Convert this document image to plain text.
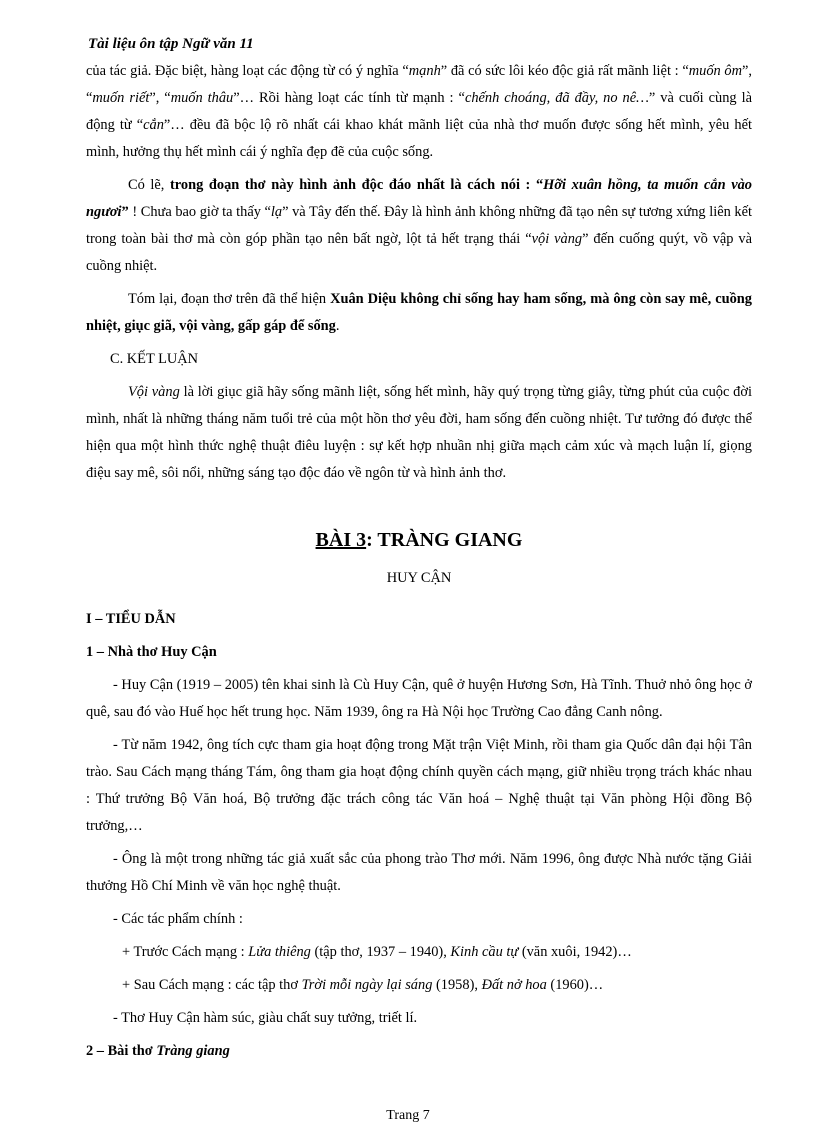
Tài liệu ôn tập Ngữ văn 11

của tác giả. Đặc biệt, hàng loạt các động từ có ý nghĩa “mạnh” đã có sức lôi kéo độc giả rất mãnh liệt : “muốn ôm”, “muốn riết”, “muốn thâu”… Rồi hàng loạt các tính từ mạnh : “chếnh choáng, đã đầy, no nê…” và cuối cùng là động từ “cắn”… đều đã bộc lộ rõ nhất cái khao khát mãnh liệt của nhà thơ muốn được sống hết mình, yêu hết mình, hưởng thụ hết mình cái ý nghĩa đẹp đẽ của cuộc sống.

Có lẽ, trong đoạn thơ này hình ảnh độc đáo nhất là cách nói : “Hỡi xuân hồng, ta muốn cắn vào ngươi” ! Chưa bao giờ ta thấy “lạ” và Tây đến thế. Đây là hình ảnh không những đã tạo nên sự tương xứng liên kết trong toàn bài thơ mà còn góp phần tạo nên bất ngờ, lột tả hết trạng thái “vội vàng” đến cuống quýt, vồ vập và cuồng nhiệt.

Tóm lại, đoạn thơ trên đã thể hiện Xuân Diệu không chỉ sống hay ham sống, mà ông còn say mê, cuồng nhiệt, giục giã, vội vàng, gấp gáp để sống.

C. KẾT LUẬN

Vội vàng là lời giục giã hãy sống mãnh liệt, sống hết mình, hãy quý trọng từng giây, từng phút của cuộc đời mình, nhất là những tháng năm tuổi trẻ của một hồn thơ yêu đời, ham sống đến cuồng nhiệt. Tư tưởng đó được thể hiện qua một hình thức nghệ thuật điêu luyện : sự kết hợp nhuần nhị giữa mạch cảm xúc và mạch luận lí, giọng điệu say mê, sôi nổi, những sáng tạo độc đáo về ngôn từ và hình ảnh thơ.

BÀI 3: TRÀNG GIANG

HUY CẬN

I – TIỂU DẪN

1 – Nhà thơ Huy Cận

- Huy Cận (1919 – 2005) tên khai sinh là Cù Huy Cận, quê ở huyện Hương Sơn, Hà Tĩnh. Thuở nhỏ ông học ở quê, sau đó vào Huế học hết trung học. Năm 1939, ông ra Hà Nội học Trường Cao đẳng Canh nông.

- Từ năm 1942, ông tích cực tham gia hoạt động trong Mặt trận Việt Minh, rồi tham gia Quốc dân đại hội Tân trào. Sau Cách mạng tháng Tám, ông tham gia hoạt động chính quyền cách mạng, giữ nhiều trọng trách khác nhau : Thứ trưởng Bộ Văn hoá, Bộ trưởng đặc trách công tác Văn hoá – Nghệ thuật tại Văn phòng Hội đồng Bộ trưởng,…

- Ông là một trong những tác giả xuất sắc của phong trào Thơ mới. Năm 1996, ông được Nhà nước tặng Giải thưởng Hồ Chí Minh về văn học nghệ thuật.

- Các tác phẩm chính :

+ Trước Cách mạng : Lửa thiêng (tập thơ, 1937 – 1940), Kinh cầu tự (văn xuôi, 1942)…

+ Sau Cách mạng : các tập thơ Trời mỗi ngày lại sáng (1958), Đất nở hoa (1960)…

- Thơ Huy Cận hàm súc, giàu chất suy tưởng, triết lí.

2 – Bài thơ Tràng giang

Trang 7
